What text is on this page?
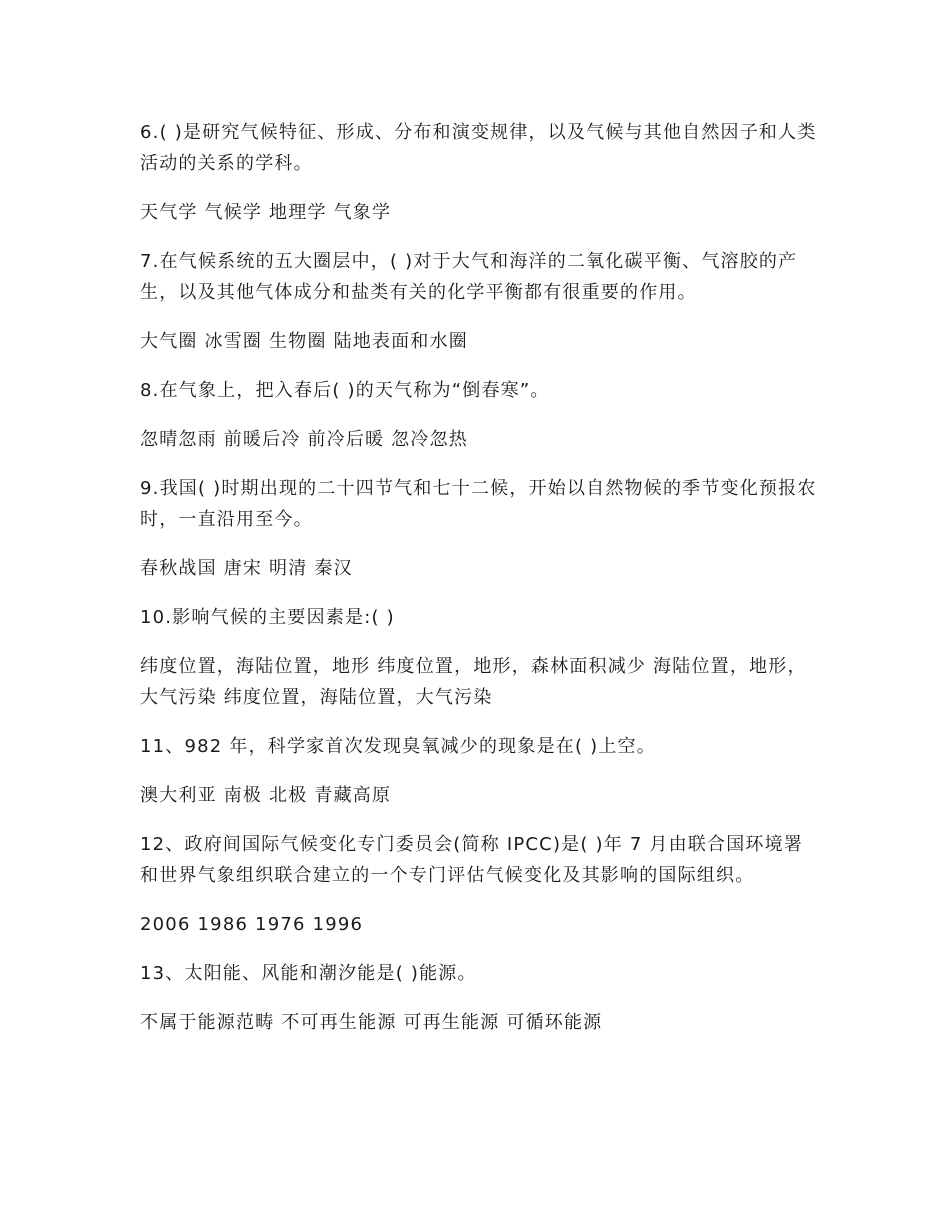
6.( )是研究气候特征、形成、分布和演变规律，以及气候与其他自然因子和人类活动的关系的学科。

天气学 气候学 地理学 气象学

7.在气候系统的五大圈层中，( )对于大气和海洋的二氧化碳平衡、气溶胶的产生，以及其他气体成分和盐类有关的化学平衡都有很重要的作用。

大气圈 冰雪圈 生物圈 陆地表面和水圈

8.在气象上，把入春后( )的天气称为“倒春寒”。

忽晴忽雨 前暖后冷 前冷后暖 忽冷忽热

9.我国( )时期出现的二十四节气和七十二候，开始以自然物候的季节变化预报农时，一直沿用至今。

春秋战国 唐宋 明清 秦汉

10.影响气候的主要因素是:( )

纬度位置，海陆位置，地形 纬度位置，地形，森林面积减少 海陆位置，地形，大气污染 纬度位置，海陆位置，大气污染

11、982 年，科学家首次发现臭氧减少的现象是在( )上空。

澳大利亚 南极 北极 青藏高原

12、政府间国际气候变化专门委员会(简称 IPCC)是( )年 7 月由联合国环境署和世界气象组织联合建立的一个专门评估气候变化及其影响的国际组织。

2006 1986 1976 1996

13、太阳能、风能和潮汐能是( )能源。

不属于能源范畴 不可再生能源 可再生能源 可循环能源
